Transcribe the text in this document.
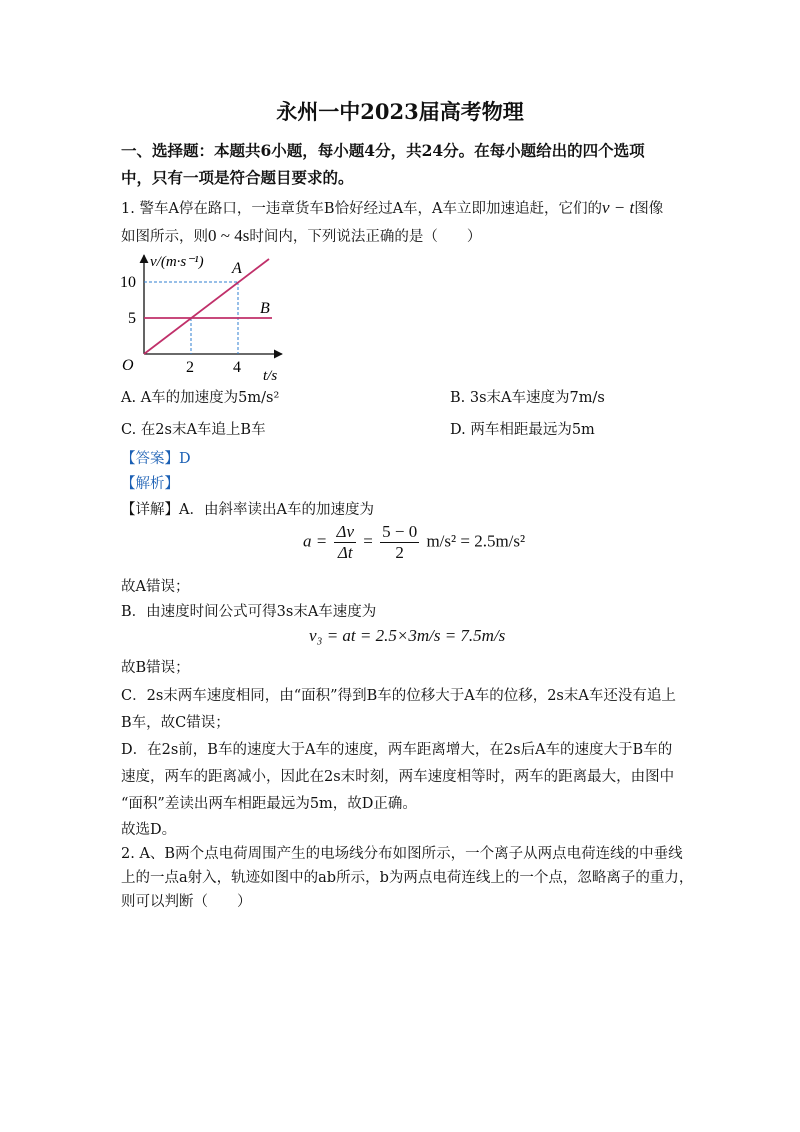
永州一中2023届高考物理
一、选择题：本题共6小题，每小题4分，共24分。在每小题给出的四个选项
中，只有一项是符合题目要求的。
1. 警车A停在路口，一违章货车B恰好经过A车，A车立即加速追赶，它们的v − t图像
如图所示，则0 ~ 4s时间内，下列说法正确的是（　　）
v/(m·s⁻¹)
t/s
O
10
5
2 4
A
B
A. A车的加速度为5m/s²	B. 3s末A车速度为7m/s
C. 在2s末A车追上B车	D. 两车相距最远为5m
【答案】D
【解析】
【详解】A．由斜率读出A车的加速度为
$a = \frac{\Delta v}{\Delta t} = \frac{5 - 0}{2} m/s^2 = 2.5m/s^2$
故A错误；
B．由速度时间公式可得3s末A车速度为
v₃ = at = 2.5×3m/s = 7.5m/s
故B错误；
C．2s末两车速度相同，由“面积”得到B车的位移大于A车的位移，2s末A车还没有追上
B车，故C错误；
D．在2s前，B车的速度大于A车的速度，两车距离增大，在2s后A车的速度大于B车的
速度，两车的距离减小，因此在2s末时刻，两车速度相等时，两车的距离最大，由图中
“面积”差读出两车相距最远为5m，故D正确。
故选D。
2. A、B两个点电荷周围产生的电场线分布如图所示，一个离子从两点电荷连线的中垂线
上的一点a射入，轨迹如图中的ab所示，b为两点电荷连线上的一个点，忽略离子的重力，
则可以判断（　　）
